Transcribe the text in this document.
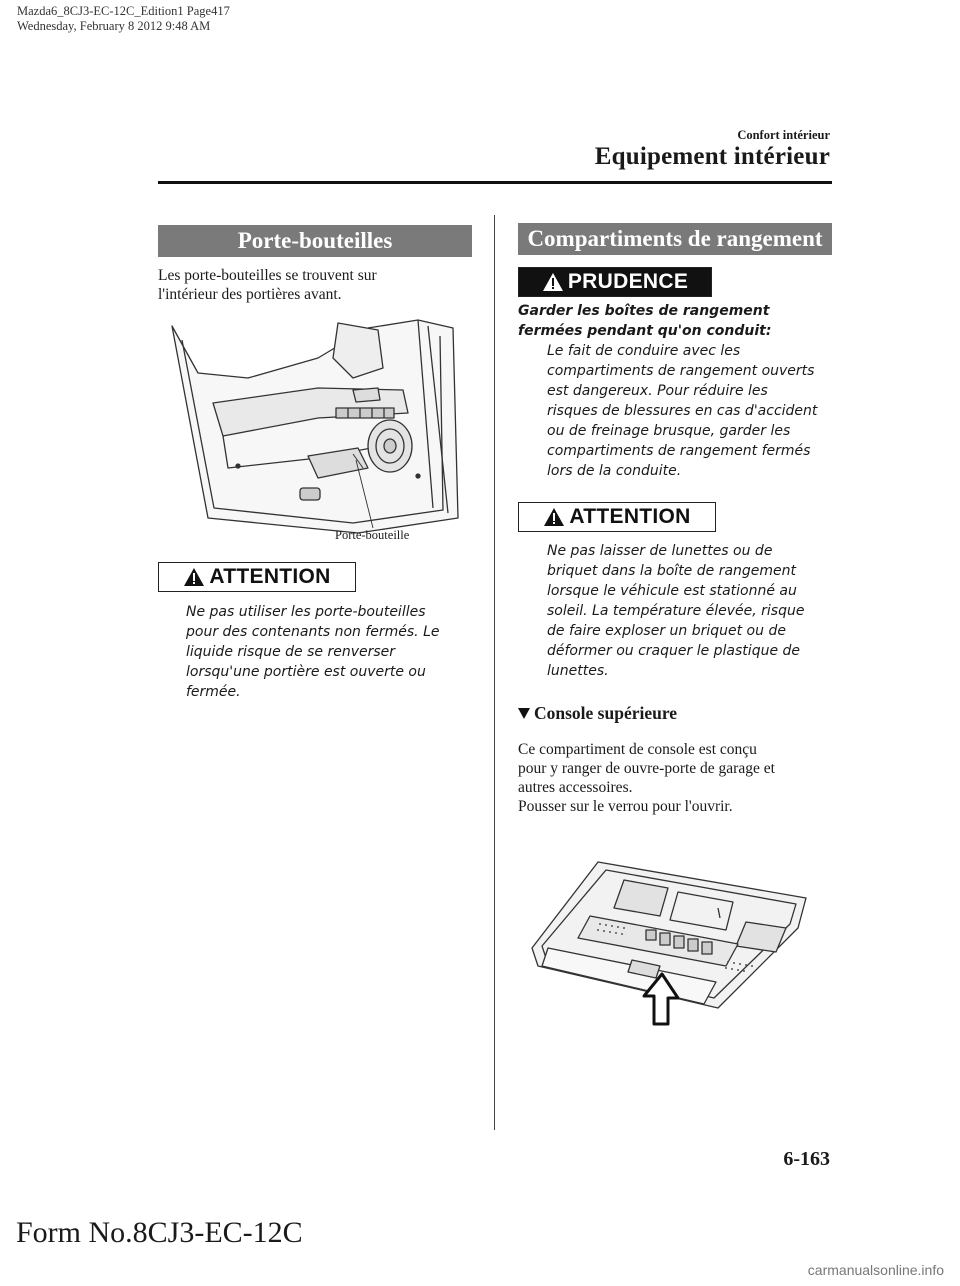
Mazda6_8CJ3-EC-12C_Edition1 Page417
Wednesday, February 8 2012 9:48 AM
Confort intérieur
Equipement intérieur
Porte-bouteilles
Les porte-bouteilles se trouvent sur
l'intérieur des portières avant.
Porte-bouteille
ATTENTION
Ne pas utiliser les porte-bouteilles
pour des contenants non fermés. Le
liquide risque de se renverser
lorsqu'une portière est ouverte ou
fermée.
Compartiments de rangement
PRUDENCE
Garder les boîtes de rangement
fermées pendant qu'on conduit:
Le fait de conduire avec les
compartiments de rangement ouverts
est dangereux. Pour réduire les
risques de blessures en cas d'accident
ou de freinage brusque, garder les
compartiments de rangement fermés
lors de la conduite.
ATTENTION
Ne pas laisser de lunettes ou de
briquet dans la boîte de rangement
lorsque le véhicule est stationné au
soleil. La température élevée, risque
de faire exploser un briquet ou de
déformer ou craquer le plastique de
lunettes.
Console supérieure
Ce compartiment de console est conçu
pour y ranger de ouvre-porte de garage et
autres accessoires.
Pousser sur le verrou pour l'ouvrir.
6-163
Form No.8CJ3-EC-12C
carmanualsonline.info
